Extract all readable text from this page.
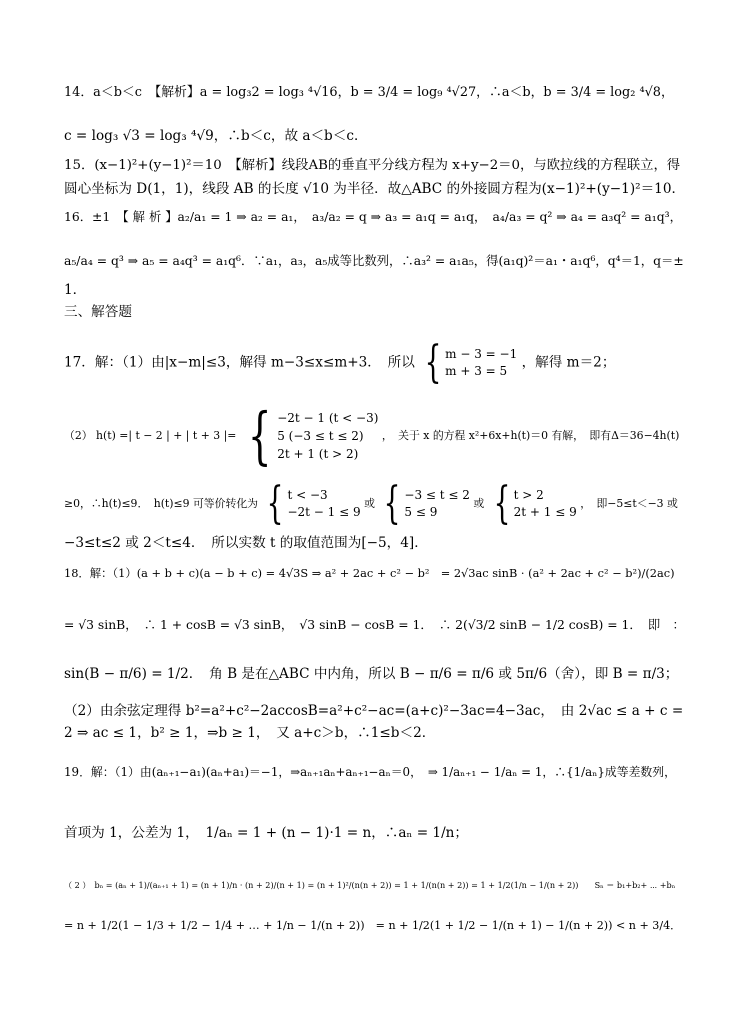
14．a＜b＜c　【解析】a = log₃2 = log₃ ⁴√16，b = 3/4 = log₉ ⁴√27，∴a＜b，b = 3/4 = log₂ ⁴√8，
c = log₃ √3 = log₃ ⁴√9，∴b＜c，故 a＜b＜c．
15．(x−1)²+(y−1)²＝10　【解析】线段AB的垂直平分线方程为 x+y−2＝0，与欧拉线的方程联立，得
圆心坐标为 D(1，1)，线段 AB 的长度 √10 为半径．故△ABC 的外接圆方程为(x−1)²+(y−1)²＝10．
16．±1　【 解 析 】a₂/a₁ = 1 ⇒ a₂ = a₁，　a₃/a₂ = q ⇒ a₃ = a₁q = a₁q，　a₄/a₃ = q² ⇒ a₄ = a₃q² = a₁q³，
a₅/a₄ = q³ ⇒ a₅ = a₄q³ = a₁q⁶．∵a₁，a₃，a₅成等比数列，∴a₃² = a₁a₅，得(a₁q)²＝a₁・a₁q⁶，q⁴＝1，q＝±
1．
三、解答题
17．解：（1）由|x−m|≤3，解得 m−3≤x≤m+3．　所以 { m − 3 = −1
m + 3 = 5
，解得 m＝2；
（2） h(t) =| t − 2 | + | t + 3 |= { −2t − 1 (t < −3)
5 (−3 ≤ t ≤ 2)
2t + 1 (t > 2)
，　关于 x 的方程 x²+6x+h(t)＝0 有解，　即有Δ＝36−4h(t)
≥0，∴h(t)≤9．　h(t)≤9 可等价转化为 { t < −3
−2t − 1 ≤ 9
或 { −3 ≤ t ≤ 2
5 ≤ 9
或 { t > 2
2t + 1 ≤ 9
，　即−5≤t＜−3 或
−3≤t≤2 或 2＜t≤4．　所以实数 t 的取值范围为[−5，4]．
18．解：（1）(a + b + c)(a − b + c) = 4√3S ⇒ a² + 2ac + c² − b²　= 2√3ac sinB · (a² + 2ac + c² − b²)/(2ac)
= √3 sinB，　∴ 1 + cosB = √3 sinB，　√3 sinB − cosB = 1．　∴ 2(√3/2 sinB − 1/2 cosB) = 1．　即　：
sin(B − π/6) = 1/2．　角 B 是在△ABC 中内角，所以 B − π/6 = π/6 或 5π/6（舍），即 B = π/3；
（2）由余弦定理得 b²=a²+c²−2accosB=a²+c²−ac=(a+c)²−3ac=4−3ac，　由 2√ac ≤ a + c =
2 ⇒ ac ≤ 1，b² ≥ 1，⇒b ≥ 1，　又 a+c＞b，∴1≤b＜2．
19．解：（1）由(aₙ₊₁−a₁)(aₙ+a₁)＝−1，⇒aₙ₊₁aₙ+aₙ₊₁−aₙ＝0，　⇒ 1/aₙ₊₁ − 1/aₙ = 1，∴{1/aₙ}成等差数列，
首项为 1，公差为 1，　1/aₙ = 1 + (n − 1)·1 = n，∴aₙ = 1/n；
（ 2 ）　bₙ = (aₙ + 1)/(aₙ₊₁ + 1) = (n + 1)/n · (n + 2)/(n + 1) = (n + 1)²/(n(n + 2)) = 1 + 1/(n(n + 2)) = 1 + 1/2(1/n − 1/(n + 2))　　Sₙ ＝ b₁+b₂+ ⋯ +bₙ
= n + 1/2(1 − 1/3 + 1/2 − 1/4 + … + 1/n − 1/(n + 2))　= n + 1/2(1 + 1/2 − 1/(n + 1) − 1/(n + 2)) < n + 3/4．
